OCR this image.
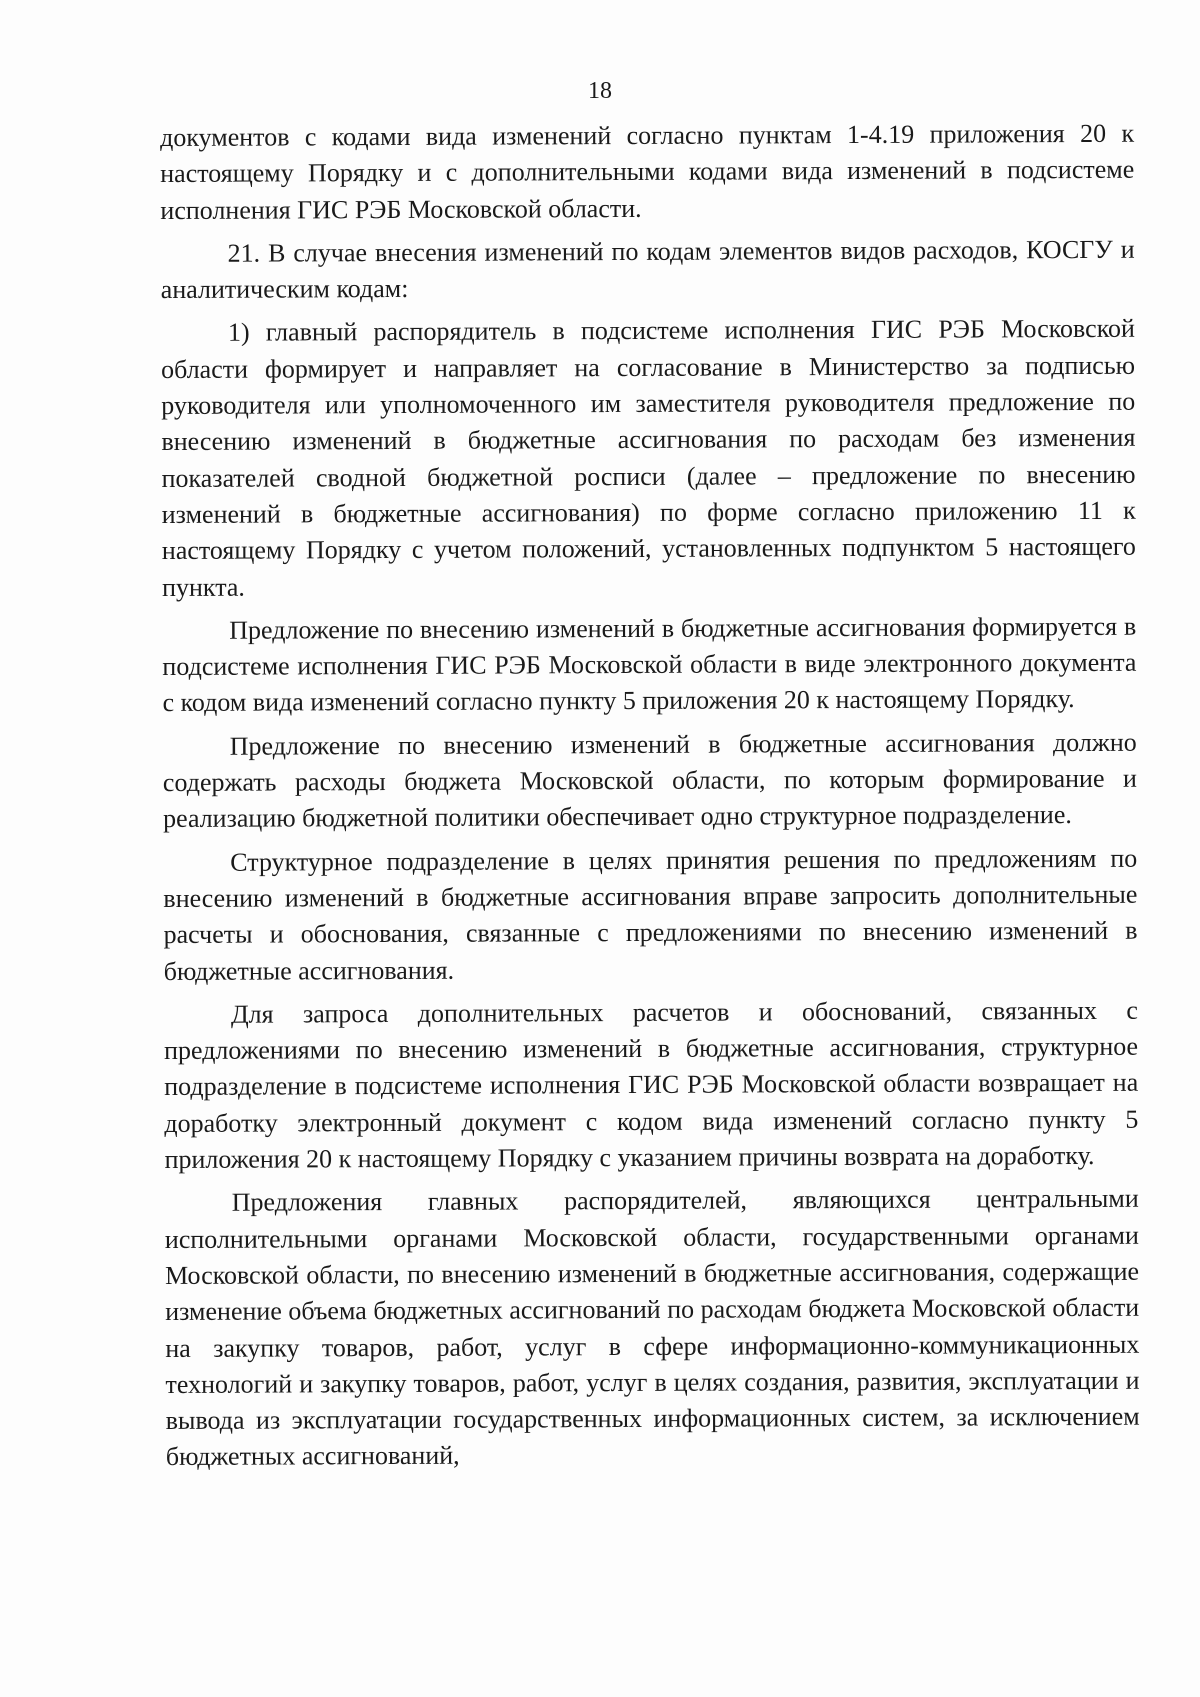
18

документов с кодами вида изменений согласно пунктам 1-4.19 приложения 20 к настоящему Порядку и с дополнительными кодами вида изменений в подсистеме исполнения ГИС РЭБ Московской области.

21. В случае внесения изменений по кодам элементов видов расходов, КОСГУ и аналитическим кодам:

1) главный распорядитель в подсистеме исполнения ГИС РЭБ Московской области формирует и направляет на согласование в Министерство за подписью руководителя или уполномоченного им заместителя руководителя предложение по внесению изменений в бюджетные ассигнования по расходам без изменения показателей сводной бюджетной росписи (далее – предложение по внесению изменений в бюджетные ассигнования) по форме согласно приложению 11 к настоящему Порядку с учетом положений, установленных подпунктом 5 настоящего пункта.

Предложение по внесению изменений в бюджетные ассигнования формируется в подсистеме исполнения ГИС РЭБ Московской области в виде электронного документа с кодом вида изменений согласно пункту 5 приложения 20 к настоящему Порядку.

Предложение по внесению изменений в бюджетные ассигнования должно содержать расходы бюджета Московской области, по которым формирование и реализацию бюджетной политики обеспечивает одно структурное подразделение.

Структурное подразделение в целях принятия решения по предложениям по внесению изменений в бюджетные ассигнования вправе запросить дополнительные расчеты и обоснования, связанные с предложениями по внесению изменений в бюджетные ассигнования.

Для запроса дополнительных расчетов и обоснований, связанных с предложениями по внесению изменений в бюджетные ассигнования, структурное подразделение в подсистеме исполнения ГИС РЭБ Московской области возвращает на доработку электронный документ с кодом вида изменений согласно пункту 5 приложения 20 к настоящему Порядку с указанием причины возврата на доработку.

Предложения главных распорядителей, являющихся центральными исполнительными органами Московской области, государственными органами Московской области, по внесению изменений в бюджетные ассигнования, содержащие изменение объема бюджетных ассигнований по расходам бюджета Московской области на закупку товаров, работ, услуг в сфере информационно-коммуникационных технологий и закупку товаров, работ, услуг в целях создания, развития, эксплуатации и вывода из эксплуатации государственных информационных систем, за исключением бюджетных ассигнований,
